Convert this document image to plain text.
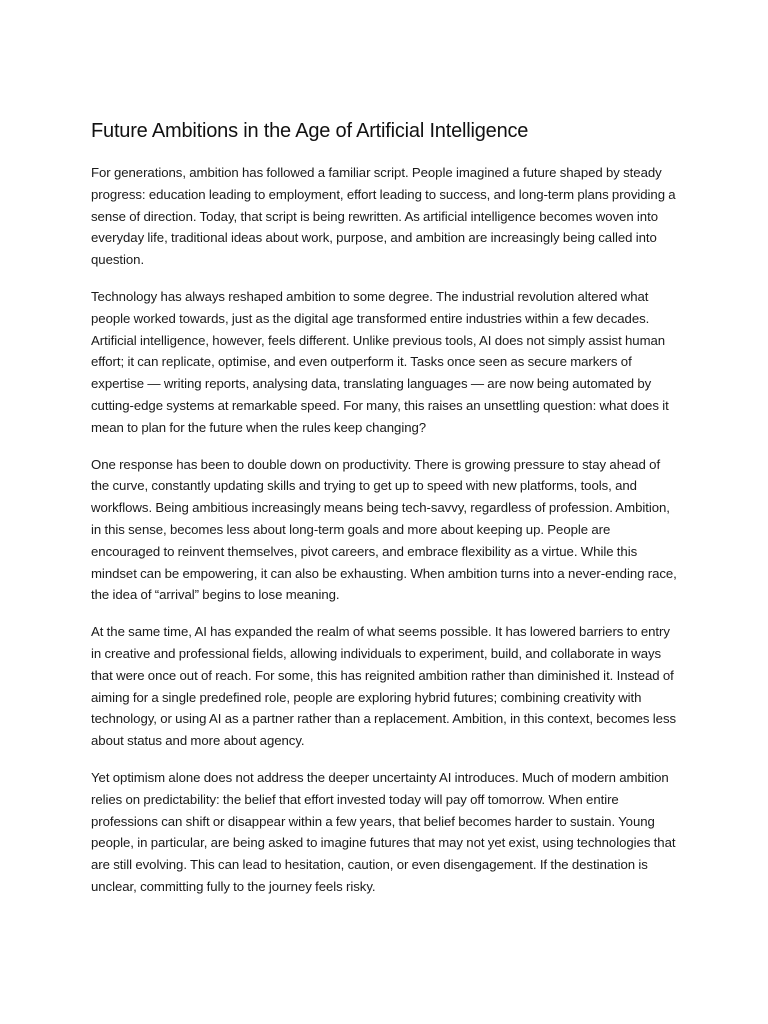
Future Ambitions in the Age of Artificial Intelligence

For generations, ambition has followed a familiar script. People imagined a future shaped by steady progress: education leading to employment, effort leading to success, and long-term plans providing a sense of direction. Today, that script is being rewritten. As artificial intelligence becomes woven into everyday life, traditional ideas about work, purpose, and ambition are increasingly being called into question.

Technology has always reshaped ambition to some degree. The industrial revolution altered what people worked towards, just as the digital age transformed entire industries within a few decades. Artificial intelligence, however, feels different. Unlike previous tools, AI does not simply assist human effort; it can replicate, optimise, and even outperform it. Tasks once seen as secure markers of expertise — writing reports, analysing data, translating languages — are now being automated by cutting-edge systems at remarkable speed. For many, this raises an unsettling question: what does it mean to plan for the future when the rules keep changing?

One response has been to double down on productivity. There is growing pressure to stay ahead of the curve, constantly updating skills and trying to get up to speed with new platforms, tools, and workflows. Being ambitious increasingly means being tech-savvy, regardless of profession. Ambition, in this sense, becomes less about long-term goals and more about keeping up. People are encouraged to reinvent themselves, pivot careers, and embrace flexibility as a virtue. While this mindset can be empowering, it can also be exhausting. When ambition turns into a never-ending race, the idea of “arrival” begins to lose meaning.

At the same time, AI has expanded the realm of what seems possible. It has lowered barriers to entry in creative and professional fields, allowing individuals to experiment, build, and collaborate in ways that were once out of reach. For some, this has reignited ambition rather than diminished it. Instead of aiming for a single predefined role, people are exploring hybrid futures; combining creativity with technology, or using AI as a partner rather than a replacement. Ambition, in this context, becomes less about status and more about agency.

Yet optimism alone does not address the deeper uncertainty AI introduces. Much of modern ambition relies on predictability: the belief that effort invested today will pay off tomorrow. When entire professions can shift or disappear within a few years, that belief becomes harder to sustain. Young people, in particular, are being asked to imagine futures that may not yet exist, using technologies that are still evolving. This can lead to hesitation, caution, or even disengagement. If the destination is unclear, committing fully to the journey feels risky.
